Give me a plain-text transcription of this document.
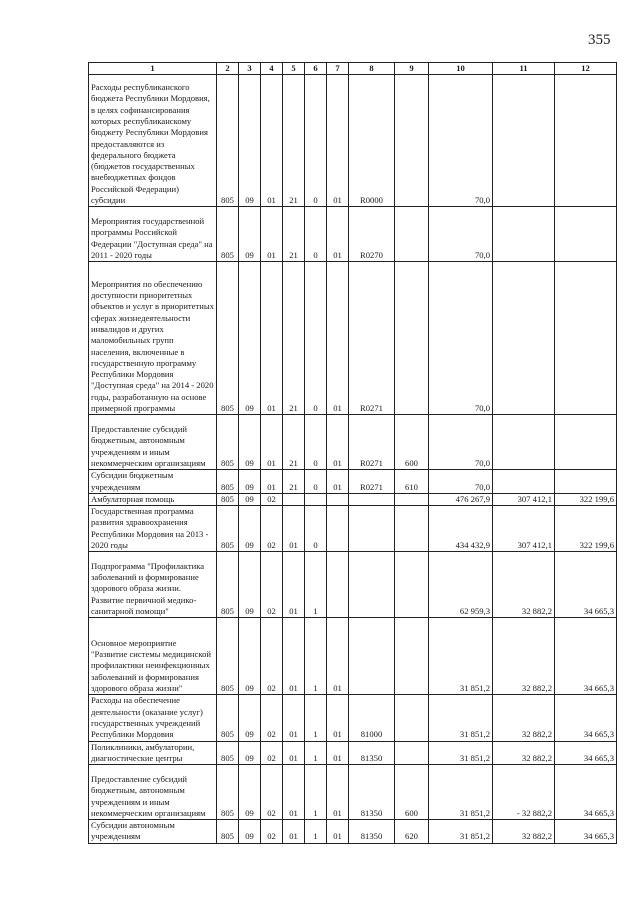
355
1	2	3	4	5	6	7	8	9	10	11	12
Расходы республиканского бюджета Республики Мордовия, в целях софинансирования которых республиканскому бюджету Республики Мордовия предоставляются из федерального бюджета (бюджетов государственных внебюджетных фондов Российской Федерации) субсидии	805	09	01	21	0	01	R0000		70,0		
Мероприятия государственной программы Российской Федерации "Доступная среда" на 2011 - 2020 годы	805	09	01	21	0	01	R0270		70,0		
Мероприятия по обеспечению доступности приоритетных объектов и услуг в приоритетных сферах жизнедеятельности инвалидов и других маломобильных групп населения, включенные в государственную программу Республики Мордовия "Доступная среда" на 2014 - 2020 годы, разработанную на основе примерной программы	805	09	01	21	0	01	R0271		70,0		
Предоставление субсидий бюджетным, автономным учреждениям и иным некоммерческим организациям	805	09	01	21	0	01	R0271	600	70,0		
Субсидии бюджетным учреждениям	805	09	01	21	0	01	R0271	610	70,0		
Амбулаторная помощь	805	09	02						476 267,9	307 412,1	322 199,6
Государственная программа развития здравоохранения Республики Мордовия на 2013 - 2020 годы	805	09	02	01	0				434 432,9	307 412,1	322 199,6
Подпрограмма "Профилактика заболеваний и формирование здорового образа жизни. Развитие первичной медико-санитарной помощи"	805	09	02	01	1				62 959,3	32 882,2	34 665,3
Основное мероприятие "Развитие системы медицинской профилактики неинфекционных заболеваний и формирования здорового образа жизни"	805	09	02	01	1	01			31 851,2	32 882,2	34 665,3
Расходы на обеспечение деятельности (оказание услуг) государственных учреждений Республики Мордовия	805	09	02	01	1	01	81000		31 851,2	32 882,2	34 665,3
Поликлиники, амбулатории, диагностические центры	805	09	02	01	1	01	81350		31 851,2	32 882,2	34 665,3
Предоставление субсидий бюджетным, автономным учреждениям и иным некоммерческим организациям	805	09	02	01	1	01	81350	600	31 851,2	- 32 882,2	34 665,3
Субсидии автономным учреждениям	805	09	02	01	1	01	81350	620	31 851,2	32 882,2	34 665,3
